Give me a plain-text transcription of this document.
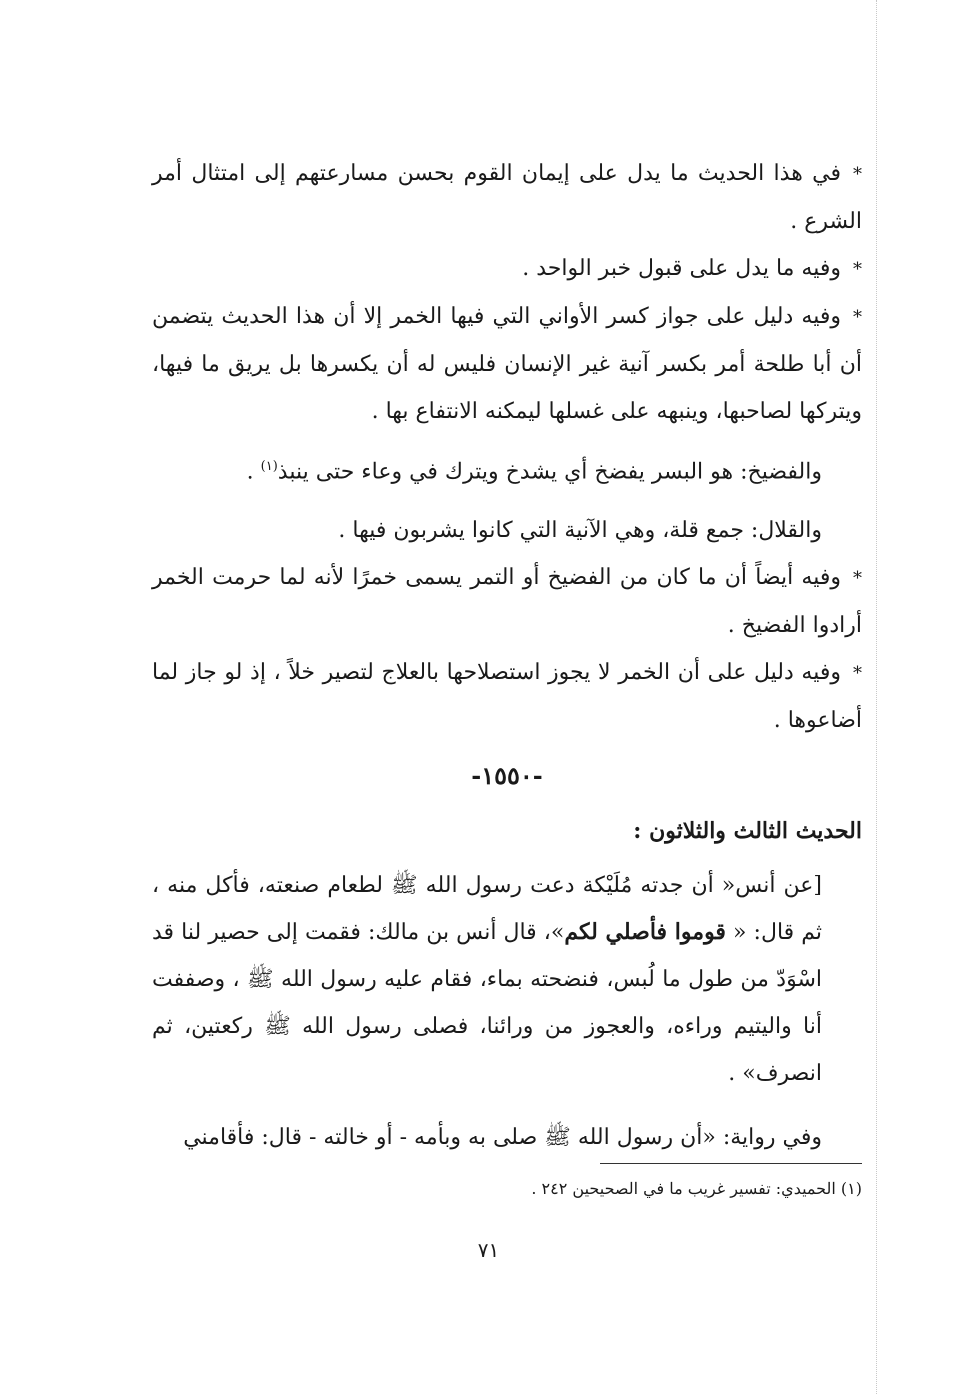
*في هذا الحديث ما يدل على إيمان القوم بحسن مسارعتهم إلى امتثال أمر الشرع .

*وفيه ما يدل على قبول خبر الواحد .

*وفيه دليل على جواز كسر الأواني التي فيها الخمر إلا أن هذا الحديث يتضمن أن أبا طلحة أمر بكسر آنية غير الإنسان فليس له أن يكسرها بل يريق ما فيها، ويتركها لصاحبها، وينبهه على غسلها ليمكنه الانتفاع بها .

والفضيخ: هو البسر يفضخ أي يشدخ ويترك في وعاء حتى ينبذ$^{(١)}$ .

والقلال: جمع قلة، وهي الآنية التي كانوا يشربون فيها .

*وفيه أيضاً أن ما كان من الفضيخ أو التمر يسمى خمرًا لأنه لما حرمت الخمر أرادوا الفضيخ .

*وفيه دليل على أن الخمر لا يجوز استصلاحها بالعلاج لتصير خلاً ، إذ لو جاز لما أضاعوها .

-١٥٥٠-
الحديث الثالث والثلاثون :

[عن أنس« أن جدته مُلَيْكة دعت رسول الله ﷺ لطعام صنعته، فأكل منه ، ثم قال: « قوموا فأصلي لكم»، قال أنس بن مالك: فقمت إلى حصير لنا قد اسْوَدّ من طول ما لُبس، فنضحته بماء، فقام عليه رسول الله ﷺ ، وصففت أنا واليتيم وراءه، والعجوز من ورائنا، فصلى رسول الله ﷺ ركعتين، ثم انصرف» .

وفي رواية: «أن رسول الله ﷺ صلى به وبأمه - أو خالته - قال: فأقامني
(١) الحميدي: تفسير غريب ما في الصحيحين ٢٤٢ .
٧١
